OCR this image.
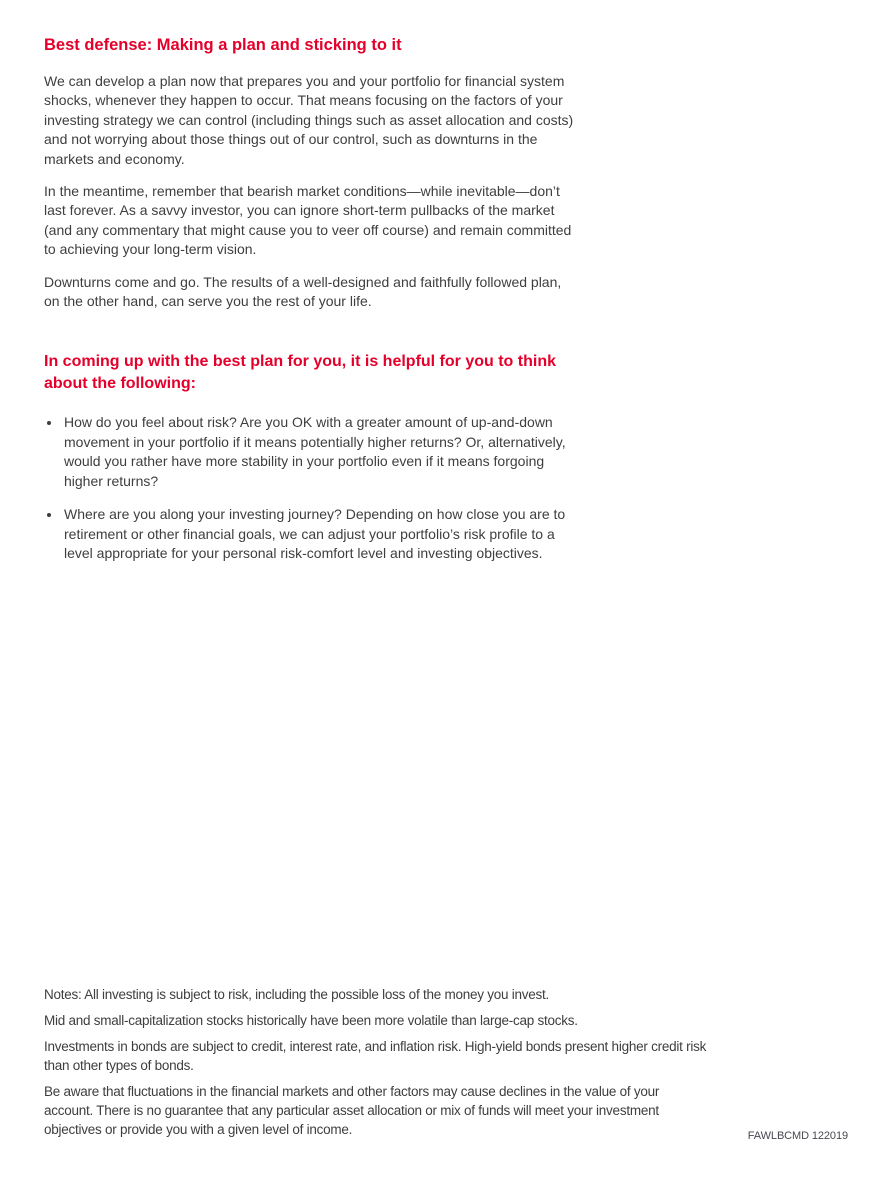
Best defense: Making a plan and sticking to it

We can develop a plan now that prepares you and your portfolio for financial system shocks, whenever they happen to occur. That means focusing on the factors of your investing strategy we can control (including things such as asset allocation and costs) and not worrying about those things out of our control, such as downturns in the markets and economy.

In the meantime, remember that bearish market conditions—while inevitable—don’t last forever. As a savvy investor, you can ignore short-term pullbacks of the market (and any commentary that might cause you to veer off course) and remain committed to achieving your long-term vision.

Downturns come and go. The results of a well-designed and faithfully followed plan, on the other hand, can serve you the rest of your life.

In coming up with the best plan for you, it is helpful for you to think about the following:
• How do you feel about risk? Are you OK with a greater amount of up-and-down movement in your portfolio if it means potentially higher returns? Or, alternatively, would you rather have more stability in your portfolio even if it means forgoing higher returns?
• Where are you along your investing journey? Depending on how close you are to retirement or other financial goals, we can adjust your portfolio’s risk profile to a level appropriate for your personal risk-comfort level and investing objectives.

Notes: All investing is subject to risk, including the possible loss of the money you invest.

Mid and small-capitalization stocks historically have been more volatile than large-cap stocks.

Investments in bonds are subject to credit, interest rate, and inflation risk. High-yield bonds present higher credit risk than other types of bonds.

Be aware that fluctuations in the financial markets and other factors may cause declines in the value of your account. There is no guarantee that any particular asset allocation or mix of funds will meet your investment objectives or provide you with a given level of income.	FAWLBCMD 122019
